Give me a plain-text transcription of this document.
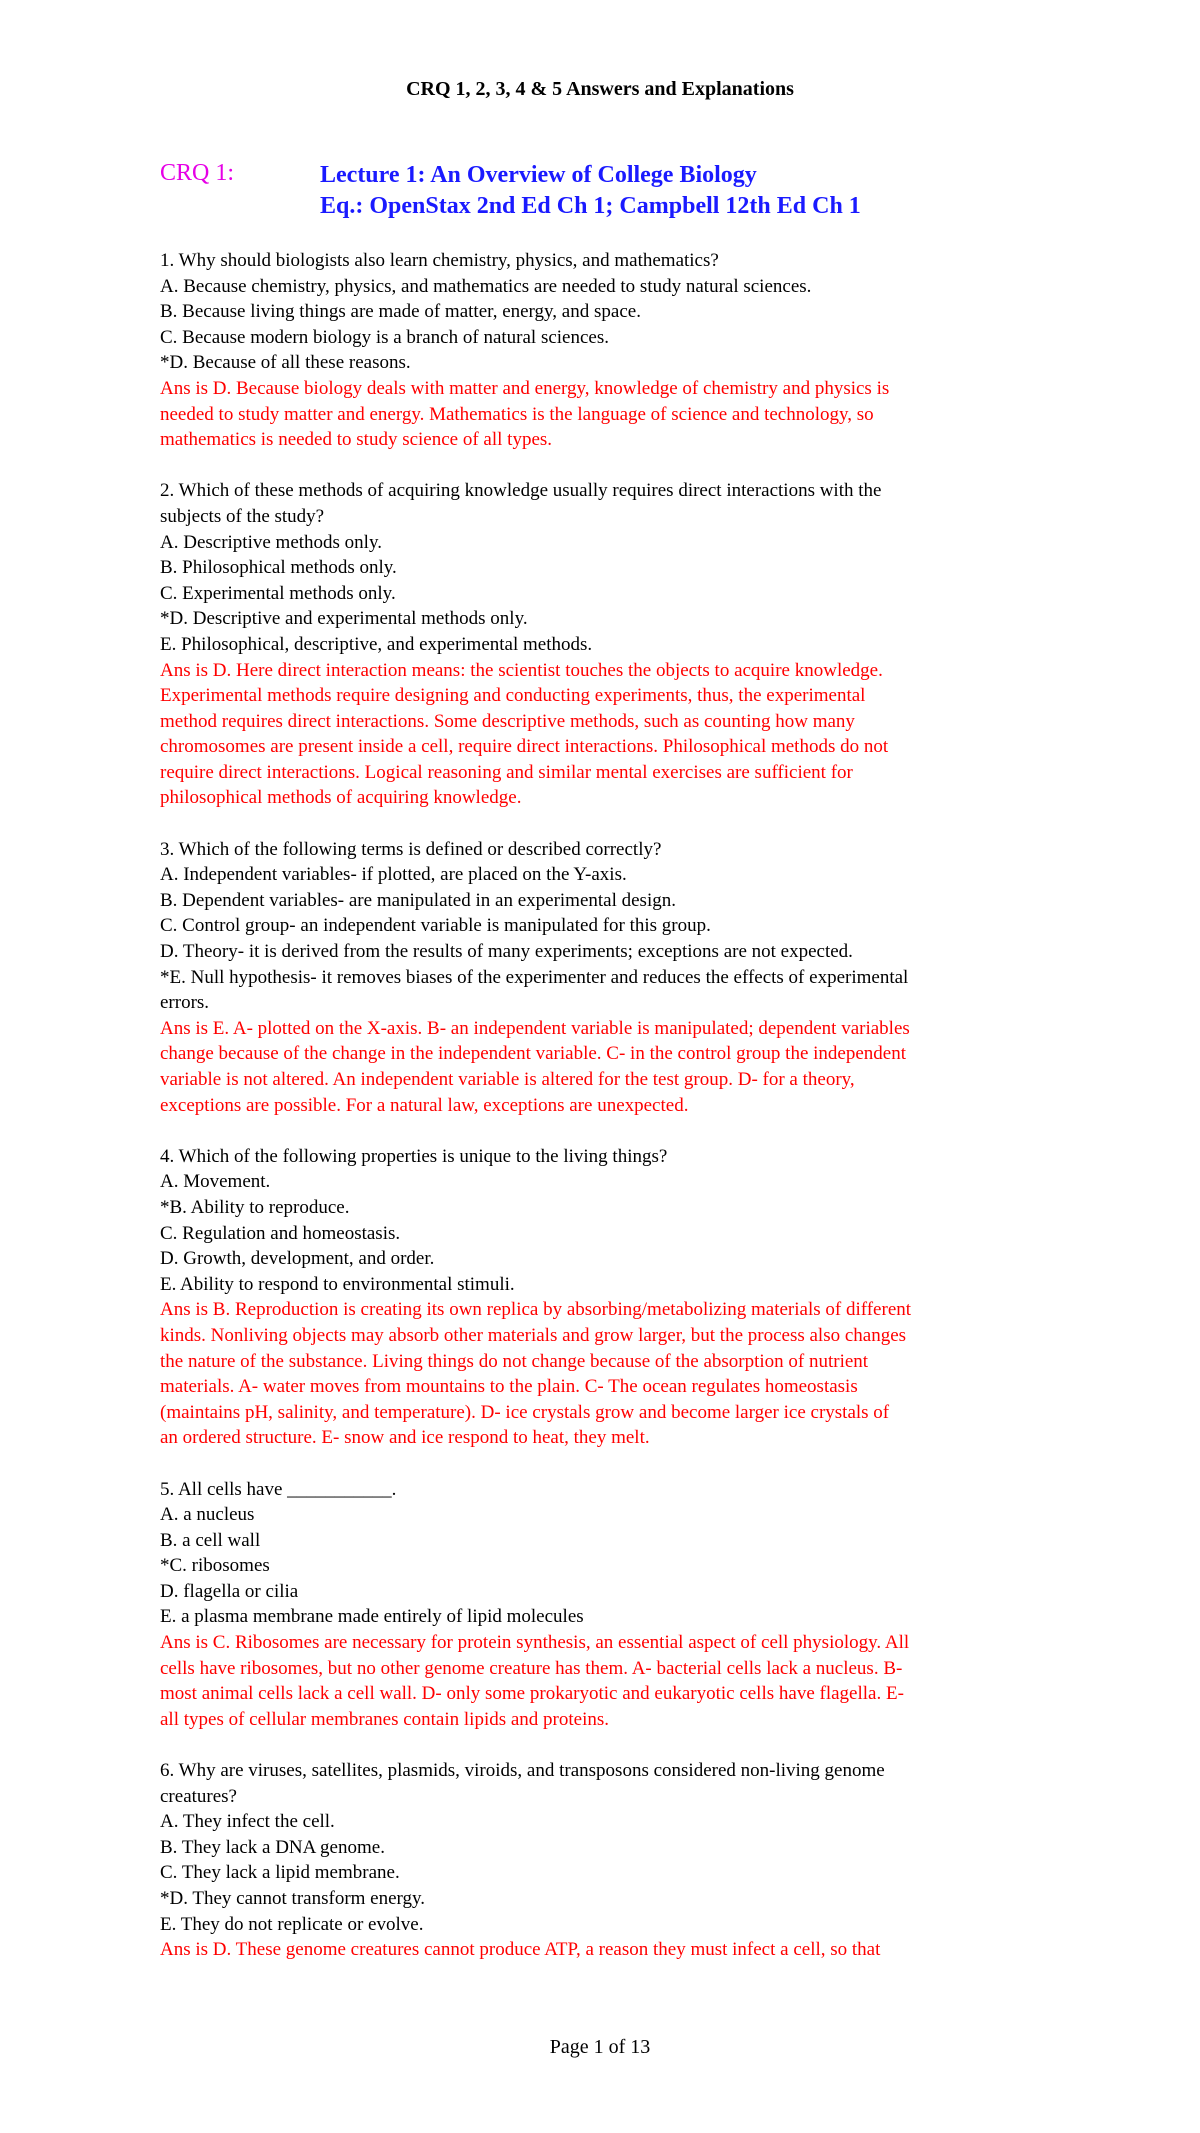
CRQ 1, 2, 3, 4 & 5 Answers and Explanations
CRQ 1:	Lecture 1: An Overview of College Biology
Eq.: OpenStax 2nd Ed Ch 1; Campbell 12th Ed Ch 1
1. Why should biologists also learn chemistry, physics, and mathematics?
A. Because chemistry, physics, and mathematics are needed to study natural sciences.
B. Because living things are made of matter, energy, and space.
C. Because modern biology is a branch of natural sciences.
*D. Because of all these reasons.
Ans is D. Because biology deals with matter and energy, knowledge of chemistry and physics is
needed to study matter and energy. Mathematics is the language of science and technology, so
mathematics is needed to study science of all types.
2. Which of these methods of acquiring knowledge usually requires direct interactions with the
subjects of the study?
A. Descriptive methods only.
B. Philosophical methods only.
C. Experimental methods only.
*D. Descriptive and experimental methods only.
E. Philosophical, descriptive, and experimental methods.
Ans is D. Here direct interaction means: the scientist touches the objects to acquire knowledge.
Experimental methods require designing and conducting experiments, thus, the experimental
method requires direct interactions. Some descriptive methods, such as counting how many
chromosomes are present inside a cell, require direct interactions. Philosophical methods do not
require direct interactions. Logical reasoning and similar mental exercises are sufficient for
philosophical methods of acquiring knowledge.
3. Which of the following terms is defined or described correctly?
A. Independent variables- if plotted, are placed on the Y-axis.
B. Dependent variables- are manipulated in an experimental design.
C. Control group- an independent variable is manipulated for this group.
D. Theory- it is derived from the results of many experiments; exceptions are not expected.
*E. Null hypothesis- it removes biases of the experimenter and reduces the effects of experimental
errors.
Ans is E. A- plotted on the X-axis. B- an independent variable is manipulated; dependent variables
change because of the change in the independent variable. C- in the control group the independent
variable is not altered. An independent variable is altered for the test group. D- for a theory,
exceptions are possible. For a natural law, exceptions are unexpected.
4. Which of the following properties is unique to the living things?
A. Movement.
*B. Ability to reproduce.
C. Regulation and homeostasis.
D. Growth, development, and order.
E. Ability to respond to environmental stimuli.
Ans is B. Reproduction is creating its own replica by absorbing/metabolizing materials of different
kinds. Nonliving objects may absorb other materials and grow larger, but the process also changes
the nature of the substance. Living things do not change because of the absorption of nutrient
materials. A- water moves from mountains to the plain. C- The ocean regulates homeostasis
(maintains pH, salinity, and temperature). D- ice crystals grow and become larger ice crystals of
an ordered structure. E- snow and ice respond to heat, they melt.
5. All cells have ___________.
A. a nucleus
B. a cell wall
*C. ribosomes
D. flagella or cilia
E. a plasma membrane made entirely of lipid molecules
Ans is C. Ribosomes are necessary for protein synthesis, an essential aspect of cell physiology. All
cells have ribosomes, but no other genome creature has them. A- bacterial cells lack a nucleus. B-
most animal cells lack a cell wall. D- only some prokaryotic and eukaryotic cells have flagella. E-
all types of cellular membranes contain lipids and proteins.
6. Why are viruses, satellites, plasmids, viroids, and transposons considered non-living genome
creatures?
A. They infect the cell.
B. They lack a DNA genome.
C. They lack a lipid membrane.
*D. They cannot transform energy.
E. They do not replicate or evolve.
Ans is D. These genome creatures cannot produce ATP, a reason they must infect a cell, so that
Page 1 of 13
